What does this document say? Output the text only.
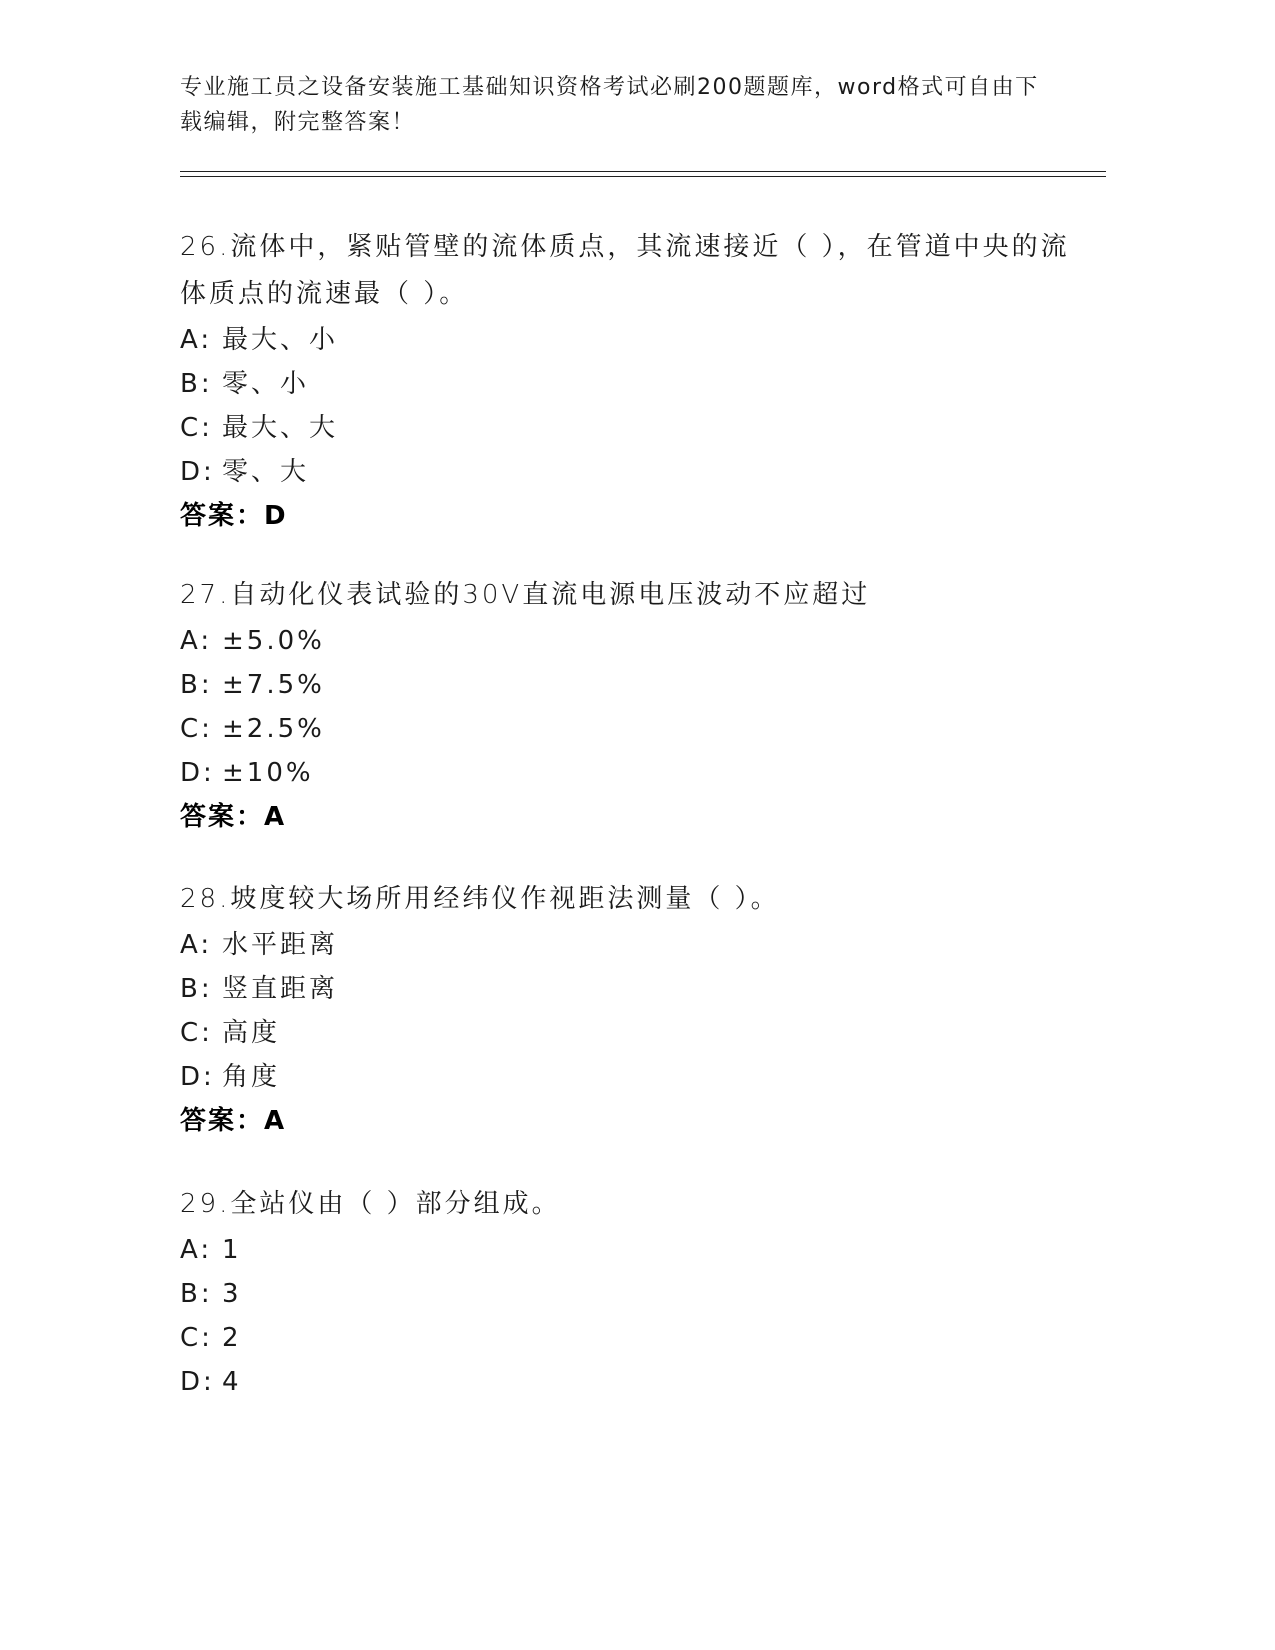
专业施工员之设备安装施工基础知识资格考试必刷200题题库，word格式可自由下载编辑，附完整答案！
26.流体中，紧贴管壁的流体质点，其流速接近（ ），在管道中央的流体质点的流速最（ ）。
A: 最大、小
B: 零、小
C: 最大、大
D: 零、大
答案：D
27.自动化仪表试验的30V直流电源电压波动不应超过
A: ±5.0%
B: ±7.5%
C: ±2.5%
D: ±10%
答案：A
28.坡度较大场所用经纬仪作视距法测量（ ）。
A: 水平距离
B: 竖直距离
C: 高度
D: 角度
答案：A
29.全站仪由（ ）部分组成。
A: 1
B: 3
C: 2
D: 4
